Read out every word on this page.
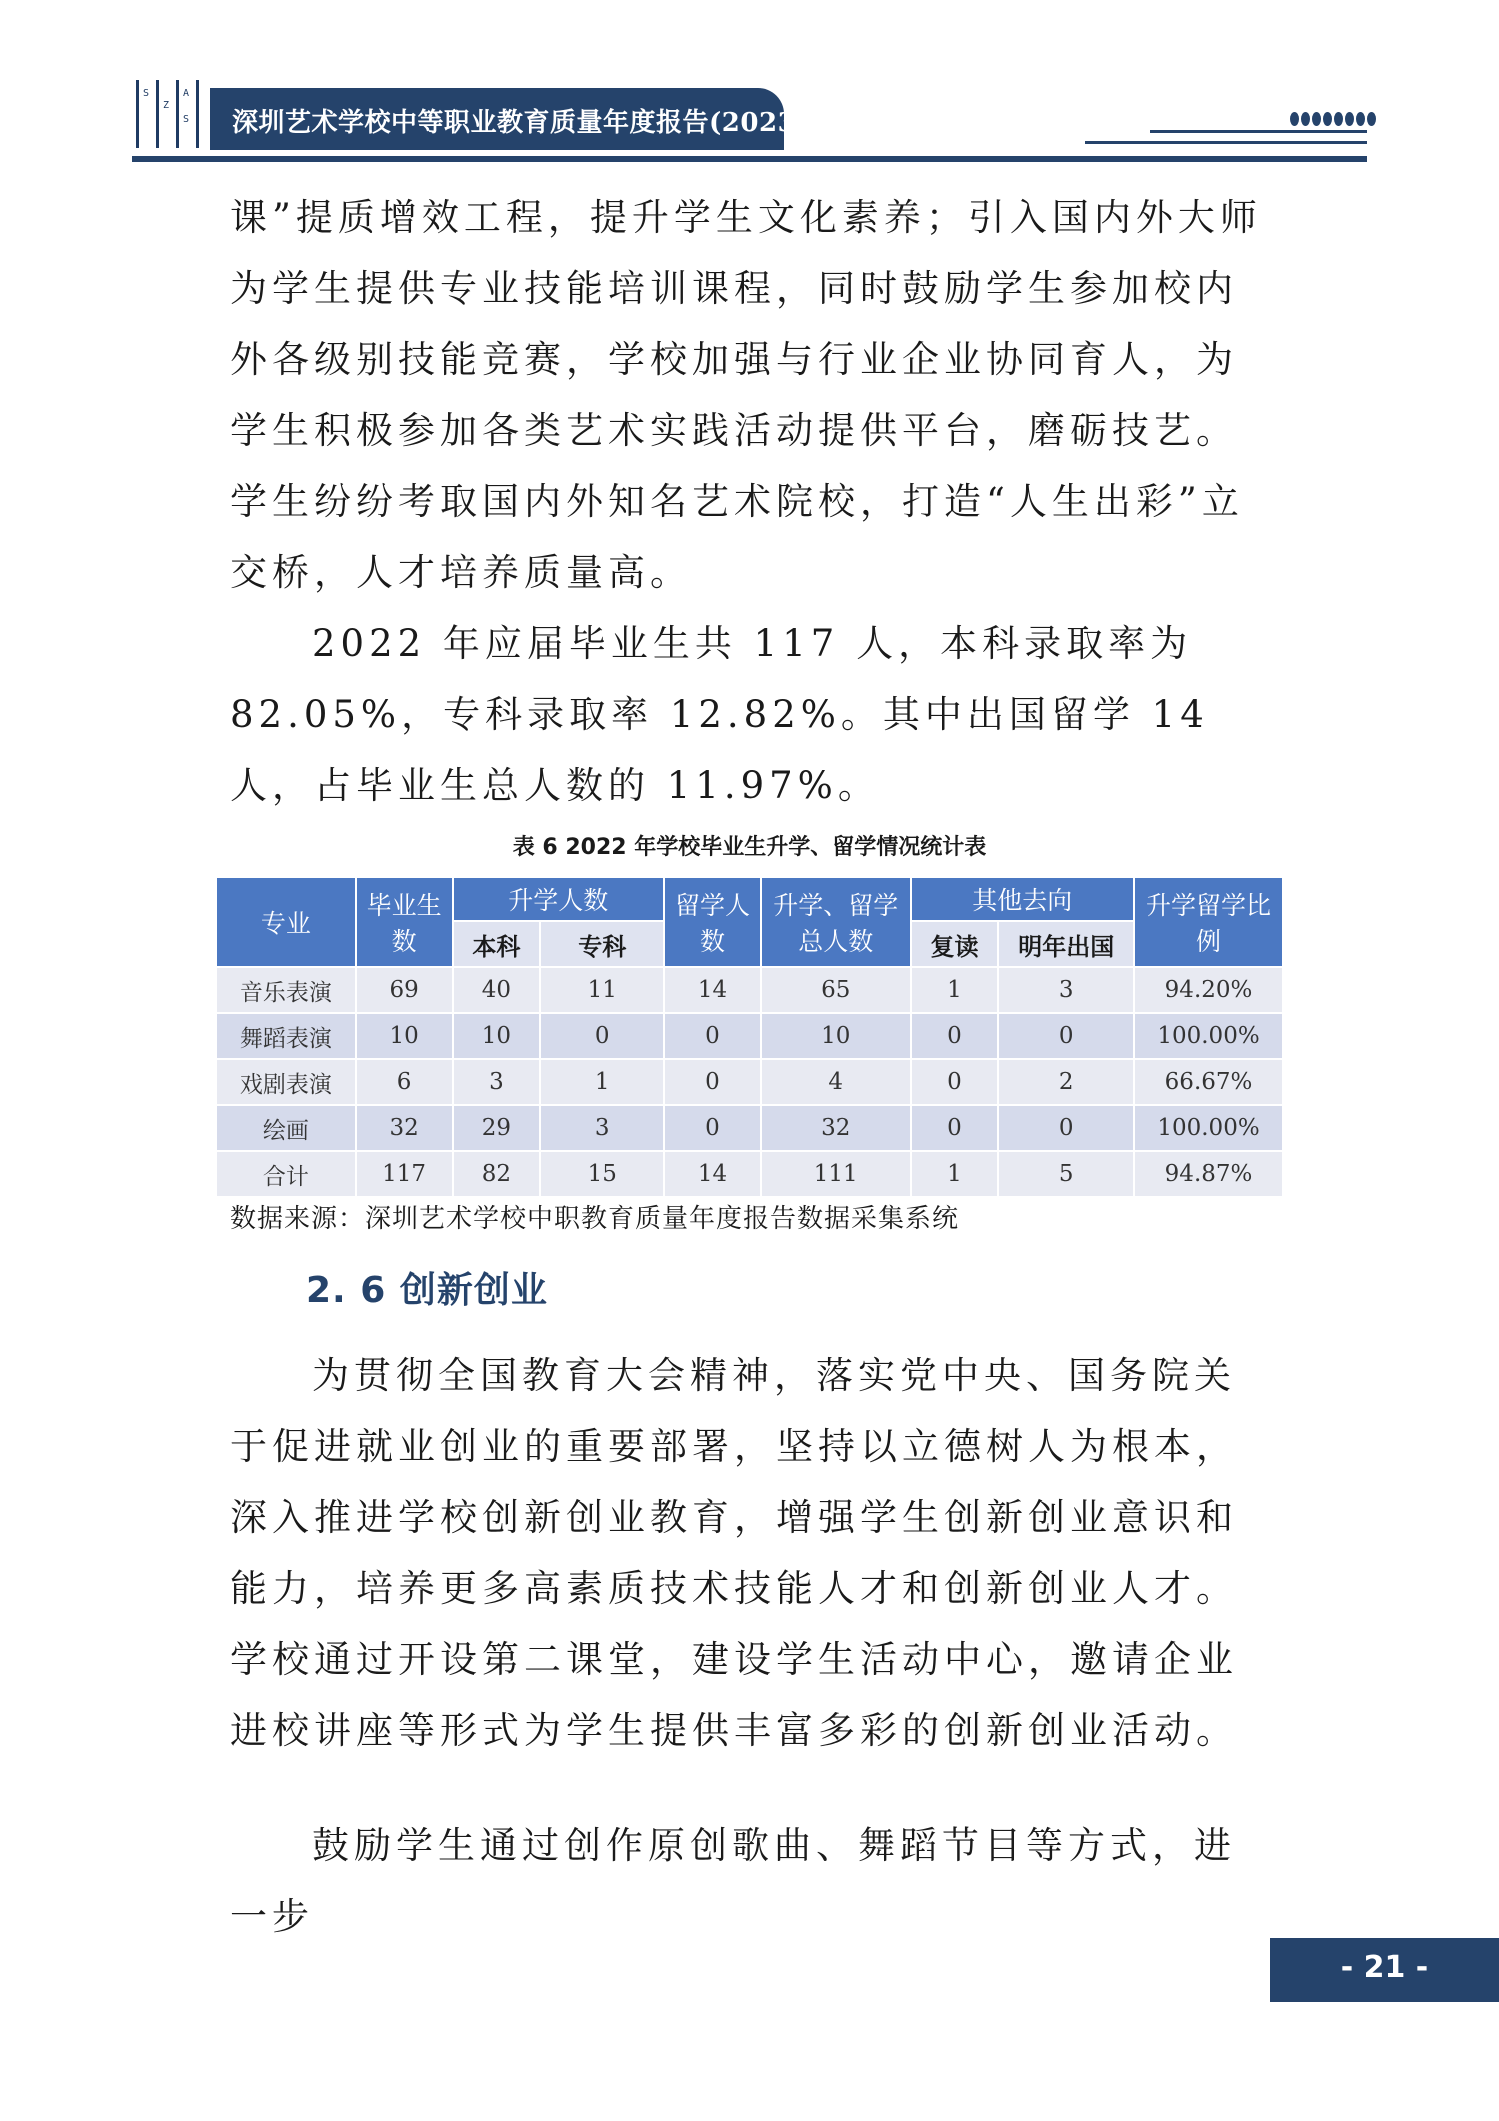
S
Z
A
S 深圳艺术学校中等职业教育质量年度报告(2023)

课”提质增效工程，提升学生文化素养；引入国内外大师为学生提供专业技能培训课程，同时鼓励学生参加校内外各级别技能竞赛，学校加强与行业企业协同育人，为学生积极参加各类艺术实践活动提供平台，磨砺技艺。学生纷纷考取国内外知名艺术院校，打造“人生出彩”立交桥，人才培养质量高。

2022 年应届毕业生共 117 人，本科录取率为 82.05%，专科录取率 12.82%。其中出国留学 14 人，占毕业生总人数的 11.97%。

表 6 2022 年学校毕业生升学、留学情况统计表
专业	毕业生数	升学人数		留学人数	升学、留学总人数	其他去向		升学留学比例
		本科	专科			复读	明年出国	
音乐表演	69	40	11	14	65	1	3	94.20%
舞蹈表演	10	10	0	0	10	0	0	100.00%
戏剧表演	6	3	1	0	4	0	2	66.67%
绘画	32	29	3	0	32	0	0	100.00%
合计	117	82	15	14	111	1	5	94.87%
数据来源：深圳艺术学校中职教育质量年度报告数据采集系统
2. 6 创新创业

为贯彻全国教育大会精神，落实党中央、国务院关于促进就业创业的重要部署，坚持以立德树人为根本，深入推进学校创新创业教育，增强学生创新创业意识和能力，培养更多高素质技术技能人才和创新创业人才。学校通过开设第二课堂，建设学生活动中心，邀请企业进校讲座等形式为学生提供丰富多彩的创新创业活动。

鼓励学生通过创作原创歌曲、舞蹈节目等方式，进一步

- 21 -
